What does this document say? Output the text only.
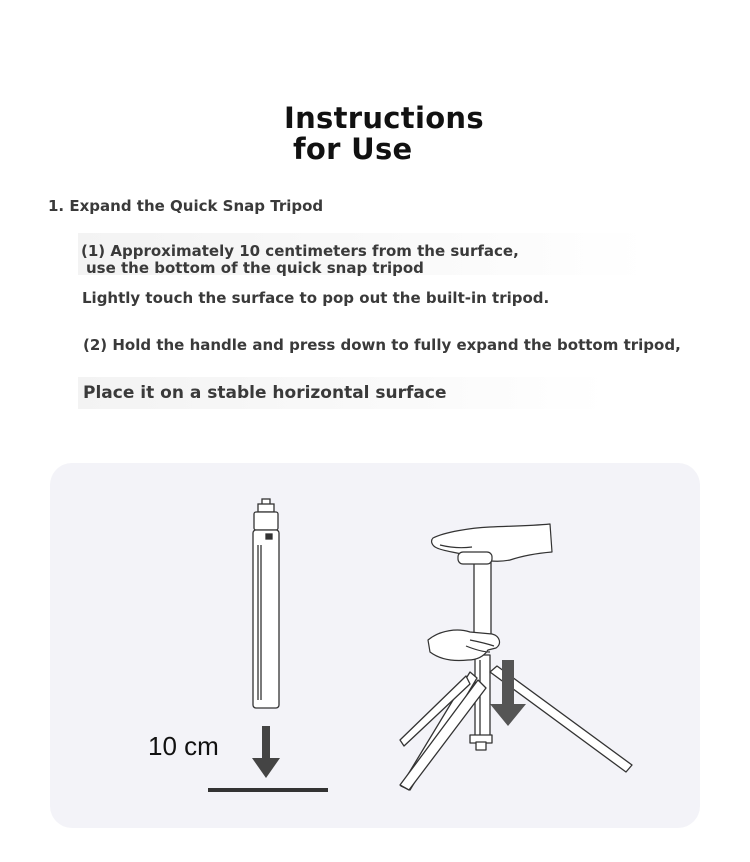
Instructions
for Use
1. Expand the Quick Snap Tripod
(1) Approximately 10 centimeters from the surface,
use the bottom of the quick snap tripod
Lightly touch the surface to pop out the built-in tripod.
(2) Hold the handle and press down to fully expand the bottom tripod,
Place it on a stable horizontal surface
10 cm
